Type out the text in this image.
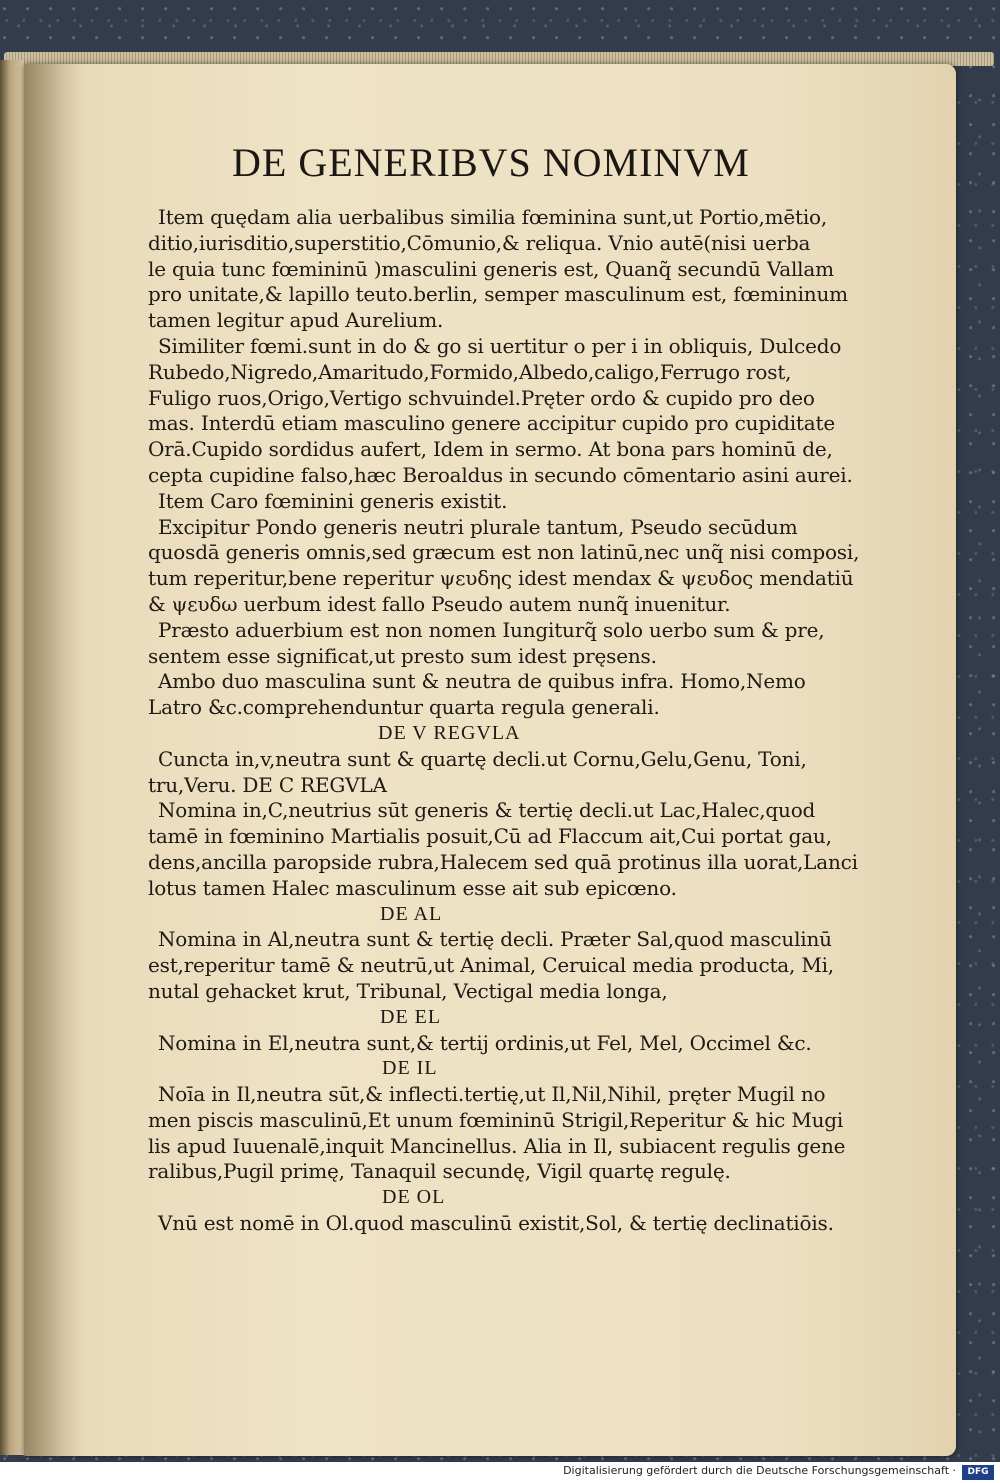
DE GENERIBVS NOMINVM
Item quędam alia uerbalibus similia fœminina sunt,ut Portio,mētio,
ditio,iurisditio,superstitio,Cōmunio,& reliqua. Vnio autē(nisi uerba
le quia tunc fœmininū )masculini generis est, Quanq̃ secundū Vallam
pro unitate,& lapillo teuto.berlin, semper masculinum est, fœmininum
tamen legitur apud Aurelium.
Similiter fœmi.sunt in do & go si uertitur o per i in obliquis, Dulcedo
Rubedo,Nigredo,Amaritudo,Formido,Albedo,caligo,Ferrugo rost,
Fuligo ruos,Origo,Vertigo schvuindel.Pręter ordo & cupido pro deo
mas. Interdū etiam masculino genere accipitur cupido pro cupiditate
Orā.Cupido sordidus aufert, Idem in sermo. At bona pars hominū de,
cepta cupidine falso,hæc Beroaldus in secundo cōmentario asini aurei.
Item Caro fœminini generis existit.
Excipitur Pondo generis neutri plurale tantum, Pseudo secūdum
quosdā generis omnis,sed græcum est non latinū,nec unq̃ nisi composi,
tum reperitur,bene reperitur ψευδης idest mendax & ψευδος mendatiū
& ψευδω uerbum idest fallo Pseudo autem nunq̃ inuenitur.
Præsto aduerbium est non nomen Iungiturq̃ solo uerbo sum & pre,
sentem esse significat,ut presto sum idest pręsens.
Ambo duo masculina sunt & neutra de quibus infra. Homo,Nemo
Latro &c.comprehenduntur quarta regula generali.
DE V REGVLA
Cuncta in,v,neutra sunt & quartę decli.ut Cornu,Gelu,Genu, Toni,
tru,Veru. DE C REGVLA
Nomina in,C,neutrius sūt generis & tertię decli.ut Lac,Halec,quod
tamē in fœminino Martialis posuit,Cū ad Flaccum ait,Cui portat gau,
dens,ancilla paropside rubra,Halecem sed quā protinus illa uorat,Lanci
lotus tamen Halec masculinum esse ait sub epicœno.
DE AL
Nomina in Al,neutra sunt & tertię decli. Præter Sal,quod masculinū
est,reperitur tamē & neutrū,ut Animal, Ceruical media producta, Mi,
nutal gehacket krut, Tribunal, Vectigal media longa,
DE EL
Nomina in El,neutra sunt,& tertij ordinis,ut Fel, Mel, Occimel &c.
DE IL
Noīa in Il,neutra sūt,& inflecti.tertię,ut Il,Nil,Nihil, pręter Mugil no
men piscis masculinū,Et unum fœmininū Strigil,Reperitur & hic Mugi
lis apud Iuuenalē,inquit Mancinellus. Alia in Il, subiacent regulis gene
ralibus,Pugil primę, Tanaquil secundę, Vigil quartę regulę.
DE OL
Vnū est nomē in Ol.quod masculinū existit,Sol, & tertię declinatiōis.
Digitalisierung gefördert durch die Deutsche Forschungsgemeinschaft ·	DFG
